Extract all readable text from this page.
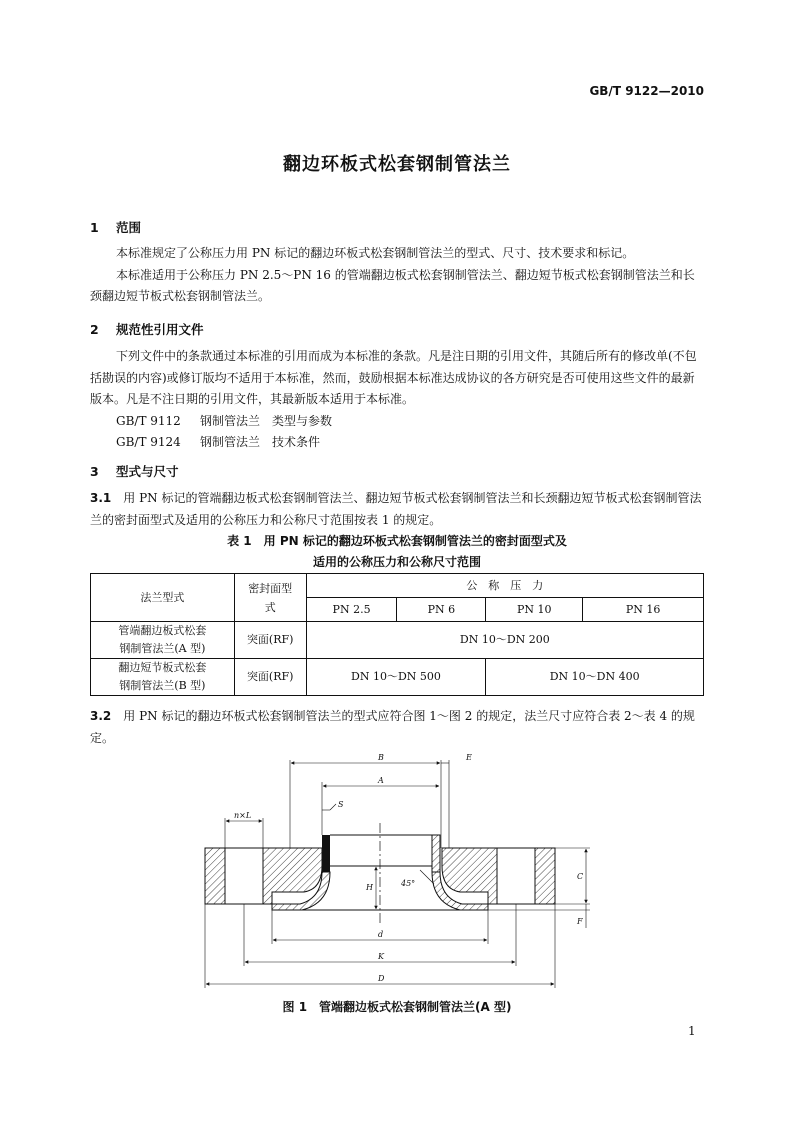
GB/T 9122—2010
翻边环板式松套钢制管法兰
1 范围
本标准规定了公称压力用 PN 标记的翻边环板式松套钢制管法兰的型式、尺寸、技术要求和标记。
本标准适用于公称压力 PN 2.5～PN 16 的管端翻边板式松套钢制管法兰、翻边短节板式松套钢制管法兰和长颈翻边短节板式松套钢制管法兰。
2 规范性引用文件
下列文件中的条款通过本标准的引用而成为本标准的条款。凡是注日期的引用文件，其随后所有的修改单(不包括勘误的内容)或修订版均不适用于本标准，然而，鼓励根据本标准达成协议的各方研究是否可使用这些文件的最新版本。凡是不注日期的引用文件，其最新版本适用于本标准。
GB/T 9112 钢制管法兰　类型与参数
GB/T 9124 钢制管法兰　技术条件
3 型式与尺寸
3.1　 用 PN 标记的管端翻边板式松套钢制管法兰、翻边短节板式松套钢制管法兰和长颈翻边短节板式松套钢制管法兰的密封面型式及适用的公称压力和公称尺寸范围按表 1 的规定。
表 1　用 PN 标记的翻边环板式松套钢制管法兰的密封面型式及
适用的公称压力和公称尺寸范围
法兰型式	密封面型式	公　称　压　力			
		PN 2.5	PN 6	PN 10	PN 16

管端翻边板式松套
钢制管法兰(A 型)	突面(RF)	DN 10～DN 200			

翻边短节板式松套
钢制管法兰(B 型)	突面(RF)	DN 10～DN 500		DN 10～DN 400	
3.2　 用 PN 标记的翻边环板式松套钢制管法兰的型式应符合图 1～图 2 的规定，法兰尺寸应符合表 2～表 4 的规定。
B	E
A
S
n×L
H	45°
C
F
d
K
D
图 1　管端翻边板式松套钢制管法兰(A 型)
1
